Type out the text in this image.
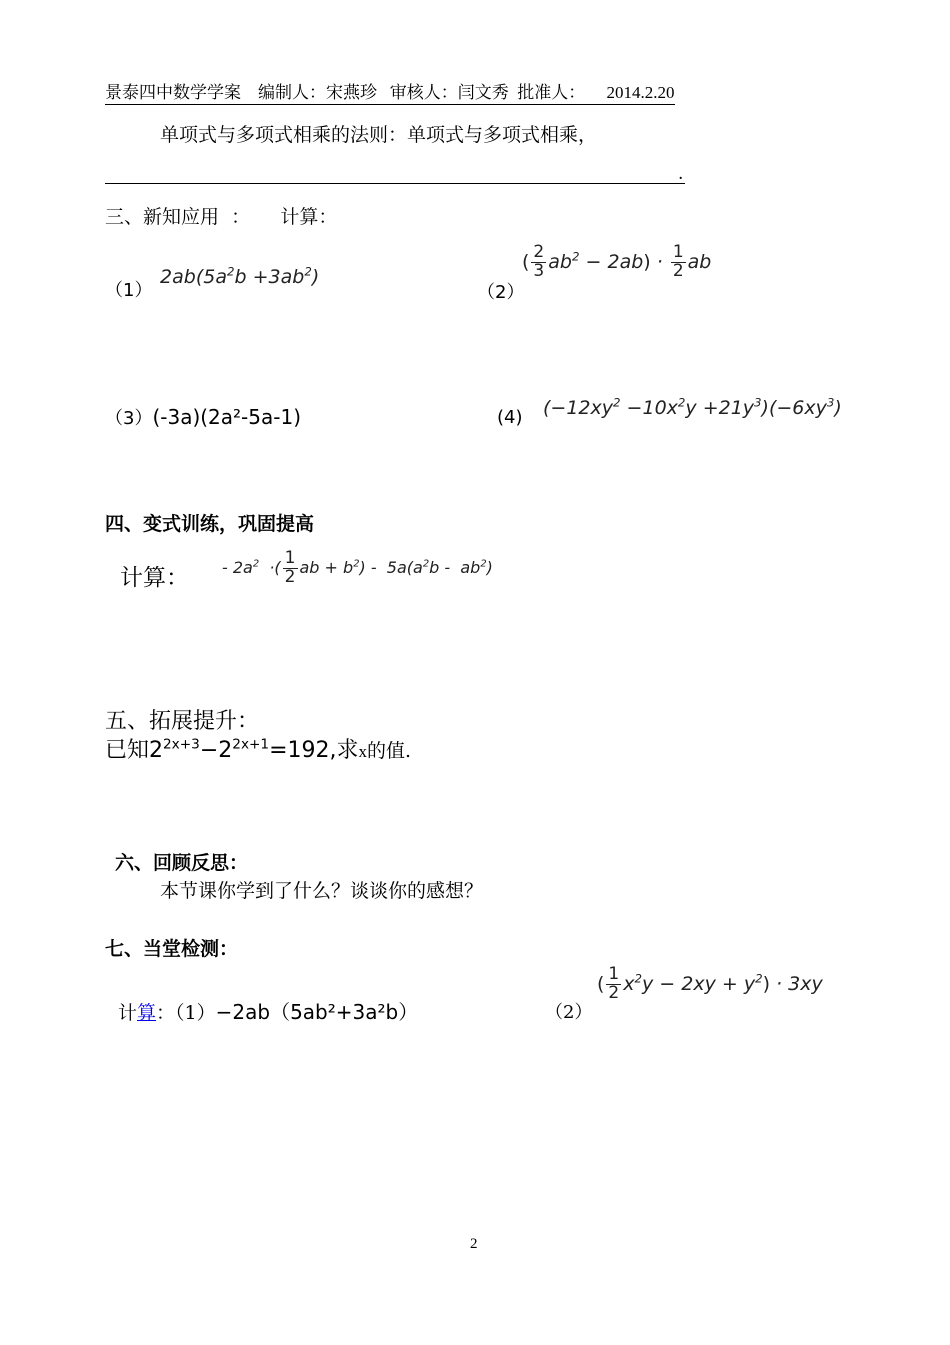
景泰四中数学学案 编制人：宋燕珍 审核人：闫文秀 批准人： 2014.2.20
单项式与多项式相乘的法则：单项式与多项式相乘，
.
三、新知应用 ： 计算：
（1）
$2ab(5a^2b +3ab^2)$
（2）
( $\frac{2}{3} ab^2 - 2ab) \cdot \frac{1}{2}$ ab
（3）(-3a)(2a²-5a-1)	(4) $(-12xy^2 -10x^2y +21y^3)(-6xy^3)$
四、变式训练，巩固提高
计算： - $2a^2$  ·( $\frac{1}{2}$ ab + $b^2) - 5a(a^2b - ab^2)$
五、拓展提升：
已知$2^{2x+3}-2^{2x+1}=192$,求x的值.
六、回顾反思：
本节课你学到了什么？谈谈你的感想？
七、当堂检测：
计算：（1）−2ab（5ab²+3a²b）	（2）
( $\frac{1}{2} x^2y - 2xy + y^2) \cdot 3xy$
2
